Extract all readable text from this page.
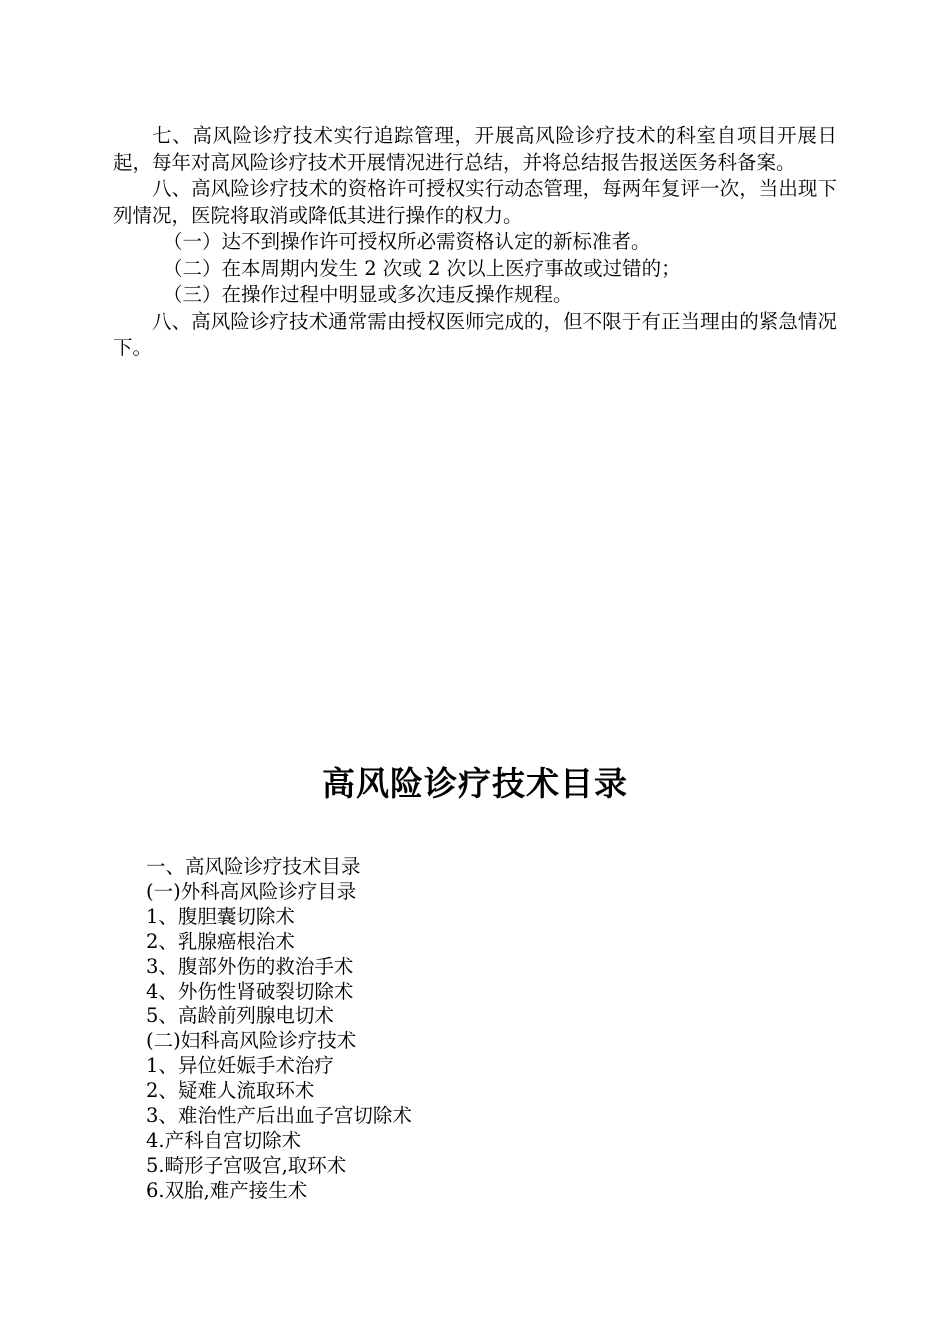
七、高风险诊疗技术实行追踪管理，开展高风险诊疗技术的科室自项目开展日起，每年对高风险诊疗技术开展情况进行总结，并将总结报告报送医务科备案。

八、高风险诊疗技术的资格许可授权实行动态管理，每两年复评一次，当出现下列情况，医院将取消或降低其进行操作的权力。

（一）达不到操作许可授权所必需资格认定的新标准者。

（二）在本周期内发生 2 次或 2 次以上医疗事故或过错的；

（三）在操作过程中明显或多次违反操作规程。

八、高风险诊疗技术通常需由授权医师完成的，但不限于有正当理由的紧急情况下。

高风险诊疗技术目录
一、高风险诊疗技术目录
(一)外科高风险诊疗目录
1、腹胆囊切除术
2、乳腺癌根治术
3、腹部外伤的救治手术
4、外伤性肾破裂切除术
5、高龄前列腺电切术
(二)妇科高风险诊疗技术
1、异位妊娠手术治疗
2、疑难人流取环术
3、难治性产后出血子宫切除术
4.产科自宫切除术
5.畸形子宫吸宫,取环术
6.双胎,难产接生术
